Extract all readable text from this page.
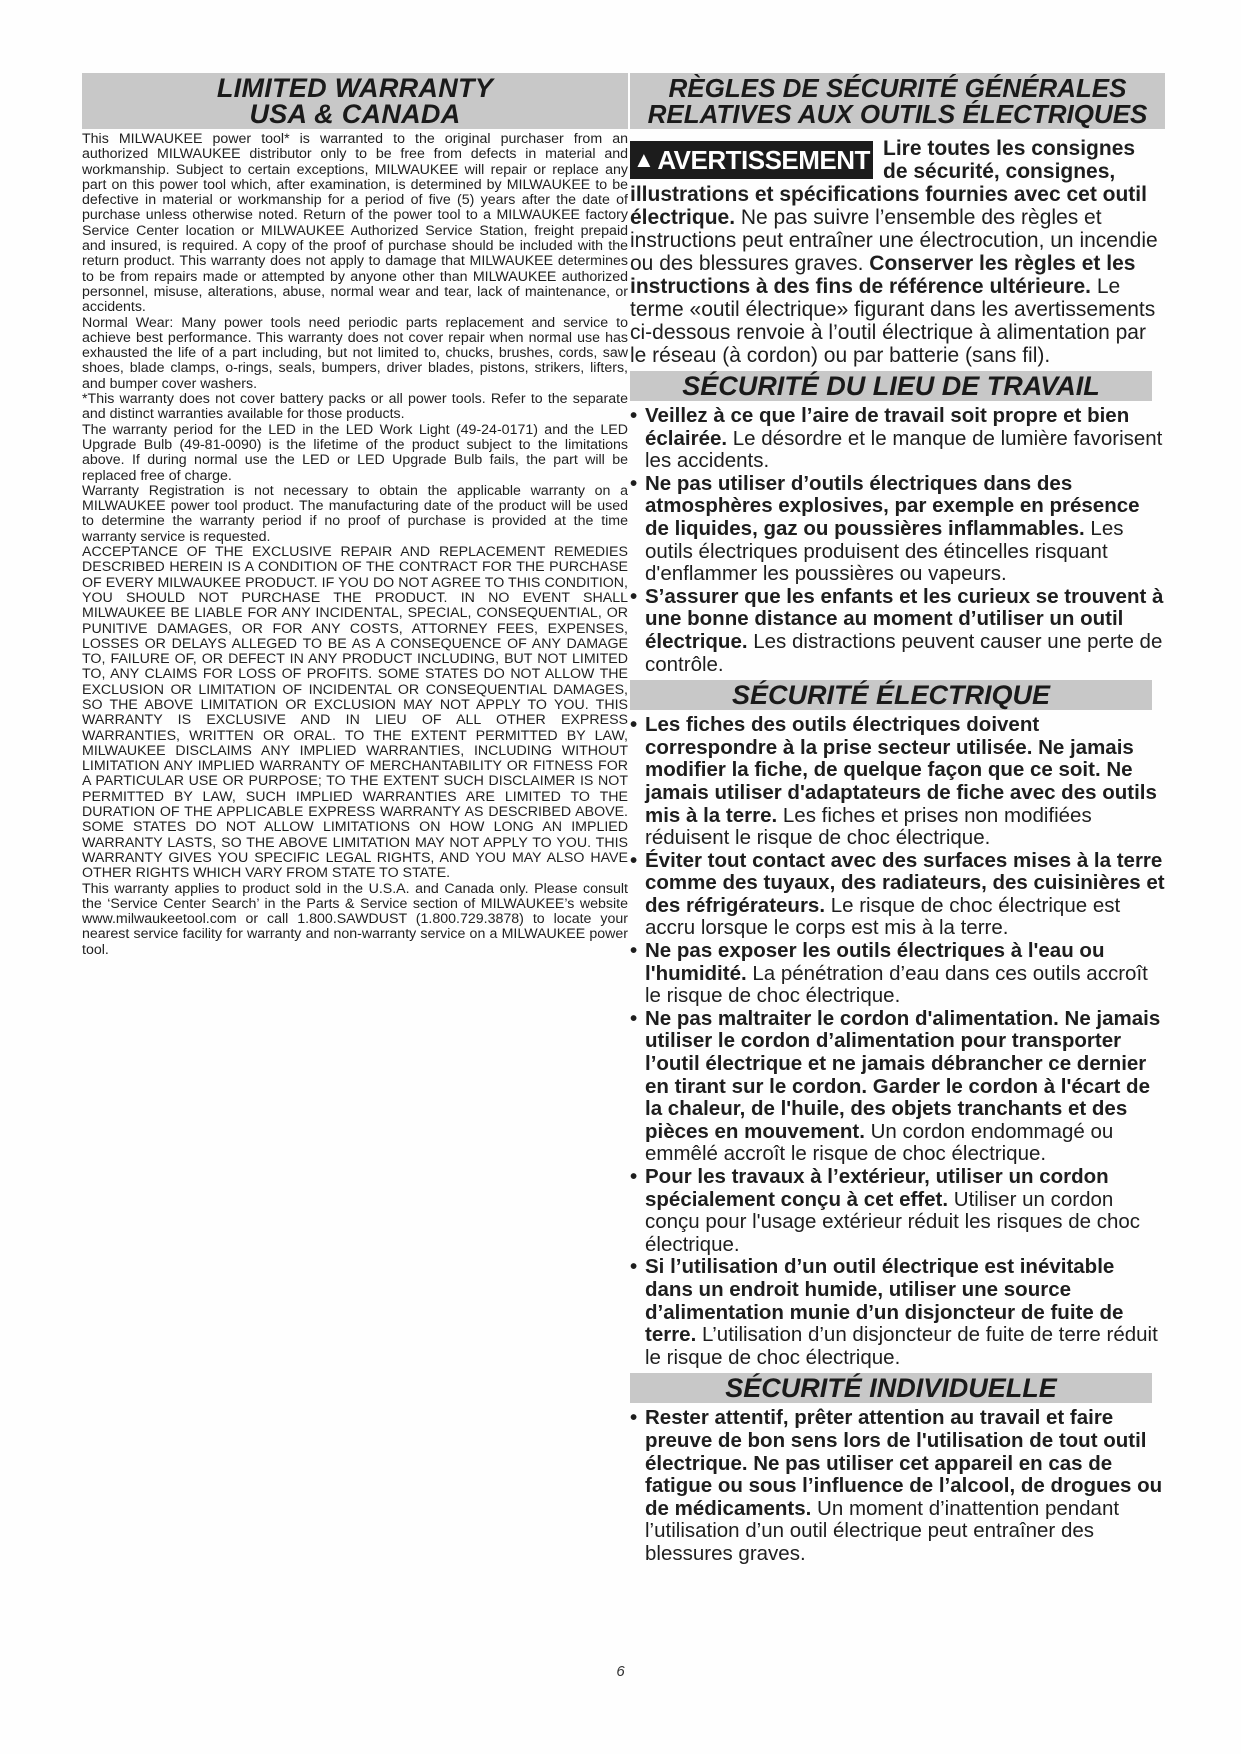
LIMITED WARRANTY
USA & CANADA

This MILWAUKEE power tool* is warranted to the original purchaser from an authorized MILWAUKEE distributor only to be free from defects in material and workmanship. Subject to certain exceptions, MILWAUKEE will repair or replace any part on this power tool which, after examination, is determined by MILWAUKEE to be defective in material or workmanship for a period of five (5) years after the date of purchase unless otherwise noted. Return of the power tool to a MILWAUKEE factory Service Center location or MILWAUKEE Authorized Service Station, freight prepaid and insured, is required. A copy of the proof of purchase should be included with the return product. This warranty does not apply to damage that MILWAUKEE determines to be from repairs made or attempted by anyone other than MILWAUKEE authorized personnel, misuse, alterations, abuse, normal wear and tear, lack of maintenance, or accidents.

Normal Wear: Many power tools need periodic parts replacement and service to achieve best performance. This warranty does not cover repair when normal use has exhausted the life of a part including, but not limited to, chucks, brushes, cords, saw shoes, blade clamps, o-rings, seals, bumpers, driver blades, pistons, strikers, lifters, and bumper cover washers.

*This warranty does not cover battery packs or all power tools. Refer to the separate and distinct warranties available for those products.

The warranty period for the LED in the LED Work Light (49-24-0171) and the LED Upgrade Bulb (49-81-0090) is the lifetime of the product subject to the limitations above. If during normal use the LED or LED Upgrade Bulb fails, the part will be replaced free of charge.

Warranty Registration is not necessary to obtain the applicable warranty on a MILWAUKEE power tool product. The manufacturing date of the product will be used to determine the warranty period if no proof of purchase is provided at the time warranty service is requested.

ACCEPTANCE OF THE EXCLUSIVE REPAIR AND REPLACEMENT REMEDIES DESCRIBED HEREIN IS A CONDITION OF THE CONTRACT FOR THE PURCHASE OF EVERY MILWAUKEE PRODUCT. IF YOU DO NOT AGREE TO THIS CONDITION, YOU SHOULD NOT PURCHASE THE PRODUCT. IN NO EVENT SHALL MILWAUKEE BE LIABLE FOR ANY INCIDENTAL, SPECIAL, CONSEQUENTIAL, OR PUNITIVE DAMAGES, OR FOR ANY COSTS, ATTORNEY FEES, EXPENSES, LOSSES OR DELAYS ALLEGED TO BE AS A CONSEQUENCE OF ANY DAMAGE TO, FAILURE OF, OR DEFECT IN ANY PRODUCT INCLUDING, BUT NOT LIMITED TO, ANY CLAIMS FOR LOSS OF PROFITS. SOME STATES DO NOT ALLOW THE EXCLUSION OR LIMITATION OF INCIDENTAL OR CONSEQUENTIAL DAMAGES, SO THE ABOVE LIMITATION OR EXCLUSION MAY NOT APPLY TO YOU. THIS WARRANTY IS EXCLUSIVE AND IN LIEU OF ALL OTHER EXPRESS WARRANTIES, WRITTEN OR ORAL. TO THE EXTENT PERMITTED BY LAW, MILWAUKEE DISCLAIMS ANY IMPLIED WARRANTIES, INCLUDING WITHOUT LIMITATION ANY IMPLIED WARRANTY OF MERCHANTABILITY OR FITNESS FOR A PARTICULAR USE OR PURPOSE; TO THE EXTENT SUCH DISCLAIMER IS NOT PERMITTED BY LAW, SUCH IMPLIED WARRANTIES ARE LIMITED TO THE DURATION OF THE APPLICABLE EXPRESS WARRANTY AS DESCRIBED ABOVE. SOME STATES DO NOT ALLOW LIMITATIONS ON HOW LONG AN IMPLIED WARRANTY LASTS, SO THE ABOVE LIMITATION MAY NOT APPLY TO YOU. THIS WARRANTY GIVES YOU SPECIFIC LEGAL RIGHTS, AND YOU MAY ALSO HAVE OTHER RIGHTS WHICH VARY FROM STATE TO STATE.

This warranty applies to product sold in the U.S.A. and Canada only. Please consult the ‘Service Center Search’ in the Parts & Service section of MILWAUKEE’s website www.milwaukeetool.com or call 1.800.SAWDUST (1.800.729.3878) to locate your nearest service facility for warranty and non-warranty service on a MILWAUKEE power tool.

RÈGLES DE SÉCURITÉ GÉNÉRALES
RELATIVES AUX OUTILS ÉLECTRIQUES
▲ AVERTISSEMENT Lire toutes les consignes de sécurité, consignes, illustrations et spécifications fournies avec cet outil électrique. Ne pas suivre l’ensemble des règles et instructions peut entraîner une électrocution, un incendie ou des blessures graves. Conserver les règles et les instructions à des fins de référence ultérieure. Le terme «outil électrique» figurant dans les avertissements ci-dessous renvoie à l’outil électrique à alimentation par le réseau (à cordon) ou par batterie (sans fil).
SÉCURITÉ DU LIEU DE TRAVAIL
• Veillez à ce que l’aire de travail soit propre et bien éclairée. Le désordre et le manque de lumière favorisent les accidents.
• Ne pas utiliser d’outils électriques dans des atmosphères explosives, par exemple en présence de liquides, gaz ou poussières inflammables. Les outils électriques produisent des étincelles risquant d'enflammer les poussières ou vapeurs.
• S’assurer que les enfants et les curieux se trouvent à une bonne distance au moment d’utiliser un outil électrique. Les distractions peuvent causer une perte de contrôle.
SÉCURITÉ ÉLECTRIQUE
• Les fiches des outils électriques doivent correspondre à la prise secteur utilisée. Ne jamais modifier la fiche, de quelque façon que ce soit. Ne jamais utiliser d'adaptateurs de fiche avec des outils mis à la terre. Les fiches et prises non modifiées réduisent le risque de choc électrique.
• Éviter tout contact avec des surfaces mises à la terre comme des tuyaux, des radiateurs, des cuisinières et des réfrigérateurs. Le risque de choc électrique est accru lorsque le corps est mis à la terre.
• Ne pas exposer les outils électriques à l'eau ou l'humidité. La pénétration d’eau dans ces outils accroît le risque de choc électrique.
• Ne pas maltraiter le cordon d'alimentation. Ne jamais utiliser le cordon d’alimentation pour transporter l’outil électrique et ne jamais débrancher ce dernier en tirant sur le cordon. Garder le cordon à l'écart de la chaleur, de l'huile, des objets tranchants et des pièces en mouvement. Un cordon endommagé ou emmêlé accroît le risque de choc électrique.
• Pour les travaux à l’extérieur, utiliser un cordon spécialement conçu à cet effet. Utiliser un cordon conçu pour l'usage extérieur réduit les risques de choc électrique.
• Si l’utilisation d’un outil électrique est inévitable dans un endroit humide, utiliser une source d’alimentation munie d’un disjoncteur de fuite de terre. L’utilisation d’un disjoncteur de fuite de terre réduit le risque de choc électrique.
SÉCURITÉ INDIVIDUELLE
• Rester attentif, prêter attention au travail et faire preuve de bon sens lors de l'utilisation de tout outil électrique. Ne pas utiliser cet appareil en cas de fatigue ou sous l’influence de l’alcool, de drogues ou de médicaments. Un moment d’inattention pendant l’utilisation d’un outil électrique peut entraîner des blessures graves.
6
